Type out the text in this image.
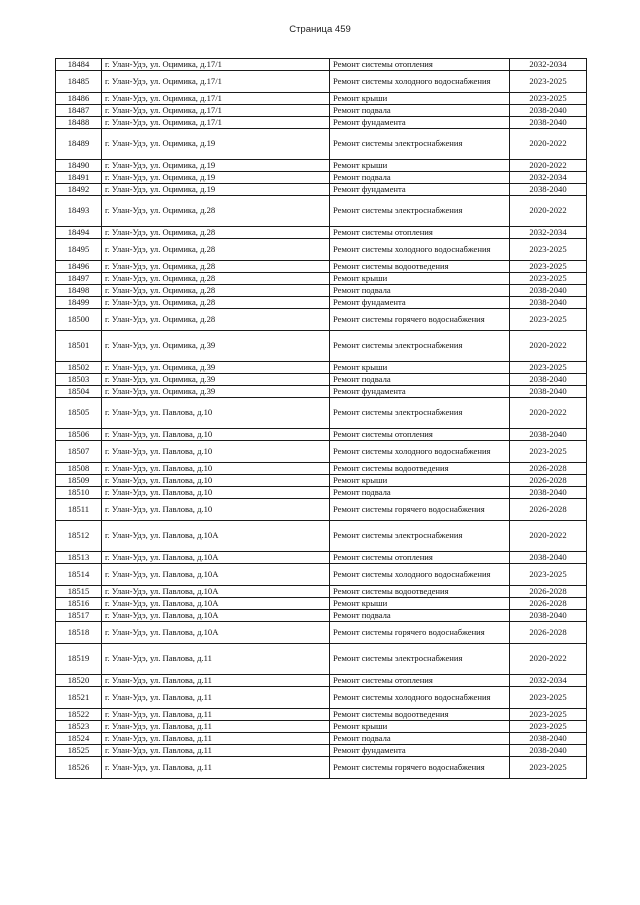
Страница 459
18484	г. Улан-Удэ, ул. Оцимика, д.17/1	Ремонт системы отопления	2032-2034
18485	г. Улан-Удэ, ул. Оцимика, д.17/1	Ремонт системы холодного водоснабжения	2023-2025
18486	г. Улан-Удэ, ул. Оцимика, д.17/1	Ремонт крыши	2023-2025
18487	г. Улан-Удэ, ул. Оцимика, д.17/1	Ремонт подвала	2038-2040
18488	г. Улан-Удэ, ул. Оцимика, д.17/1	Ремонт фундамента	2038-2040
18489	г. Улан-Удэ, ул. Оцимика, д.19	Ремонт системы электроснабжения	2020-2022
18490	г. Улан-Удэ, ул. Оцимика, д.19	Ремонт крыши	2020-2022
18491	г. Улан-Удэ, ул. Оцимика, д.19	Ремонт подвала	2032-2034
18492	г. Улан-Удэ, ул. Оцимика, д.19	Ремонт фундамента	2038-2040
18493	г. Улан-Удэ, ул. Оцимика, д.28	Ремонт системы электроснабжения	2020-2022
18494	г. Улан-Удэ, ул. Оцимика, д.28	Ремонт системы отопления	2032-2034
18495	г. Улан-Удэ, ул. Оцимика, д.28	Ремонт системы холодного водоснабжения	2023-2025
18496	г. Улан-Удэ, ул. Оцимика, д.28	Ремонт системы водоотведения	2023-2025
18497	г. Улан-Удэ, ул. Оцимика, д.28	Ремонт крыши	2023-2025
18498	г. Улан-Удэ, ул. Оцимика, д.28	Ремонт подвала	2038-2040
18499	г. Улан-Удэ, ул. Оцимика, д.28	Ремонт фундамента	2038-2040
18500	г. Улан-Удэ, ул. Оцимика, д.28	Ремонт системы горячего водоснабжения	2023-2025
18501	г. Улан-Удэ, ул. Оцимика, д.39	Ремонт системы электроснабжения	2020-2022
18502	г. Улан-Удэ, ул. Оцимика, д.39	Ремонт крыши	2023-2025
18503	г. Улан-Удэ, ул. Оцимика, д.39	Ремонт подвала	2038-2040
18504	г. Улан-Удэ, ул. Оцимика, д.39	Ремонт фундамента	2038-2040
18505	г. Улан-Удэ, ул. Павлова, д.10	Ремонт системы электроснабжения	2020-2022
18506	г. Улан-Удэ, ул. Павлова, д.10	Ремонт системы отопления	2038-2040
18507	г. Улан-Удэ, ул. Павлова, д.10	Ремонт системы холодного водоснабжения	2023-2025
18508	г. Улан-Удэ, ул. Павлова, д.10	Ремонт системы водоотведения	2026-2028
18509	г. Улан-Удэ, ул. Павлова, д.10	Ремонт крыши	2026-2028
18510	г. Улан-Удэ, ул. Павлова, д.10	Ремонт подвала	2038-2040
18511	г. Улан-Удэ, ул. Павлова, д.10	Ремонт системы горячего водоснабжения	2026-2028
18512	г. Улан-Удэ, ул. Павлова, д.10А	Ремонт системы электроснабжения	2020-2022
18513	г. Улан-Удэ, ул. Павлова, д.10А	Ремонт системы отопления	2038-2040
18514	г. Улан-Удэ, ул. Павлова, д.10А	Ремонт системы холодного водоснабжения	2023-2025
18515	г. Улан-Удэ, ул. Павлова, д.10А	Ремонт системы водоотведения	2026-2028
18516	г. Улан-Удэ, ул. Павлова, д.10А	Ремонт крыши	2026-2028
18517	г. Улан-Удэ, ул. Павлова, д.10А	Ремонт подвала	2038-2040
18518	г. Улан-Удэ, ул. Павлова, д.10А	Ремонт системы горячего водоснабжения	2026-2028
18519	г. Улан-Удэ, ул. Павлова, д.11	Ремонт системы электроснабжения	2020-2022
18520	г. Улан-Удэ, ул. Павлова, д.11	Ремонт системы отопления	2032-2034
18521	г. Улан-Удэ, ул. Павлова, д.11	Ремонт системы холодного водоснабжения	2023-2025
18522	г. Улан-Удэ, ул. Павлова, д.11	Ремонт системы водоотведения	2023-2025
18523	г. Улан-Удэ, ул. Павлова, д.11	Ремонт крыши	2023-2025
18524	г. Улан-Удэ, ул. Павлова, д.11	Ремонт подвала	2038-2040
18525	г. Улан-Удэ, ул. Павлова, д.11	Ремонт фундамента	2038-2040
18526	г. Улан-Удэ, ул. Павлова, д.11	Ремонт системы горячего водоснабжения	2023-2025
